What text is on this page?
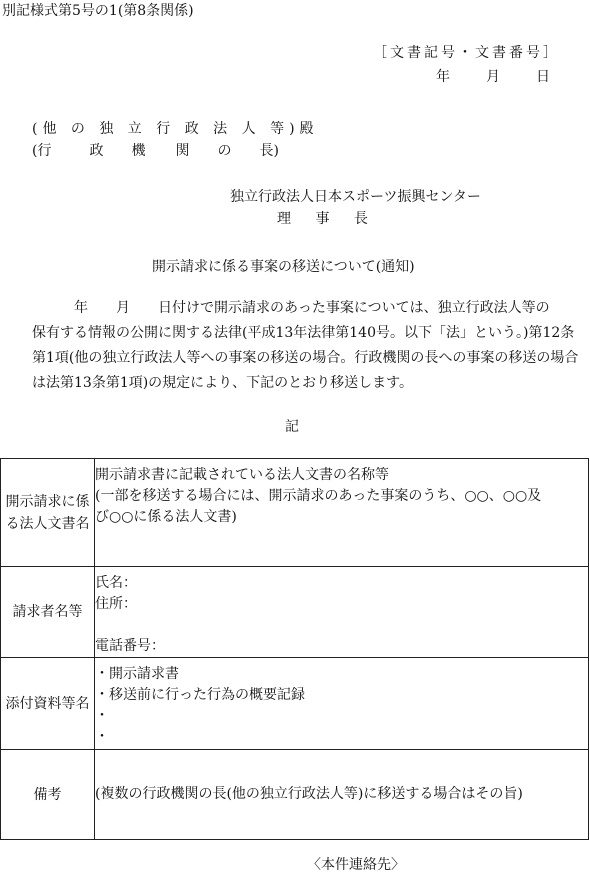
別記様式第5号の1(第8条関係)
［文書記号・文書番号］
年	月	日
(他 の 独 立 行 政 法 人 等)殿
(行	政 機 関 の 長)
独立行政法人日本スポーツ振興センター
理 事 長
開示請求に係る事案の移送について(通知)

　　　年　　月　　日付けで開示請求のあった事案については、独立行政法人等の

保有する情報の公開に関する法律(平成13年法律第140号。以下「法」という。)第12条

第1項(他の独立行政法人等への事案の移送の場合。行政機関の長への事案の移送の場合

は法第13条第1項)の規定により、下記のとおり移送します。

記
開示請求に係
る法人文書名	開示請求書に記載されている法人文書の名称等
(一部を移送する場合には、開示請求のあった事案のうち、○○、○○及
び○○に係る法人文書)

請求者名等	氏名：
住所：
電話番号：

添付資料等名	・開示請求書
・移送前に行った行為の概要記録
・
・

備考	(複数の行政機関の長(他の独立行政法人等)に移送する場合はその旨)
〈本件連絡先〉
